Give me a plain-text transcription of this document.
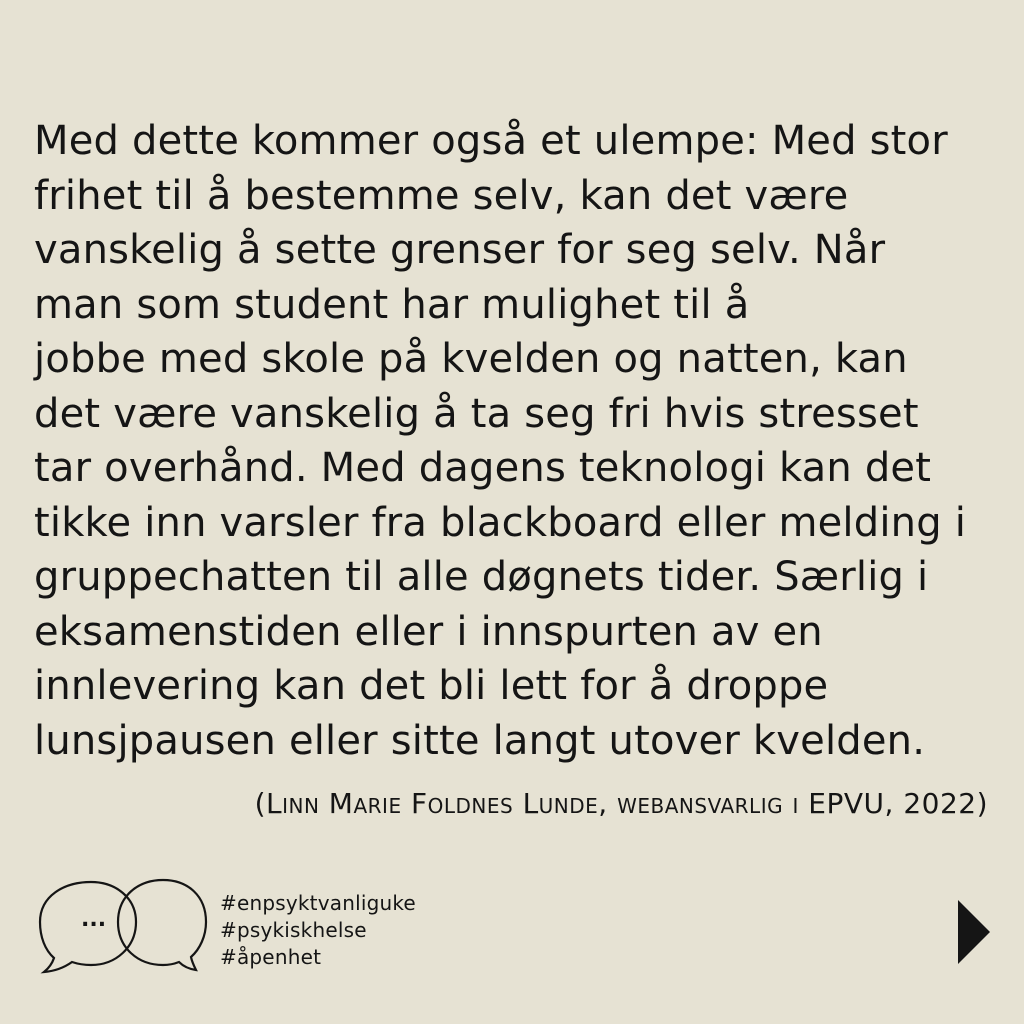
Med dette kommer også et ulempe: Med stor
frihet til å bestemme selv, kan det være
vanskelig å sette grenser for seg selv. Når
man som student har mulighet til å
jobbe med skole på kvelden og natten, kan
det være vanskelig å ta seg fri hvis stresset
tar overhånd. Med dagens teknologi kan det
tikke inn varsler fra blackboard eller melding i
gruppechatten til alle døgnets tider. Særlig i
eksamenstiden eller i innspurten av en
innlevering kan det bli lett for å droppe
lunsjpausen eller sitte langt utover kvelden.
(Linn Marie Foldnes Lunde, webansvarlig i EPVU, 2022)
...
#enpsyktvanliguke
#psykiskhelse
#åpenhet
